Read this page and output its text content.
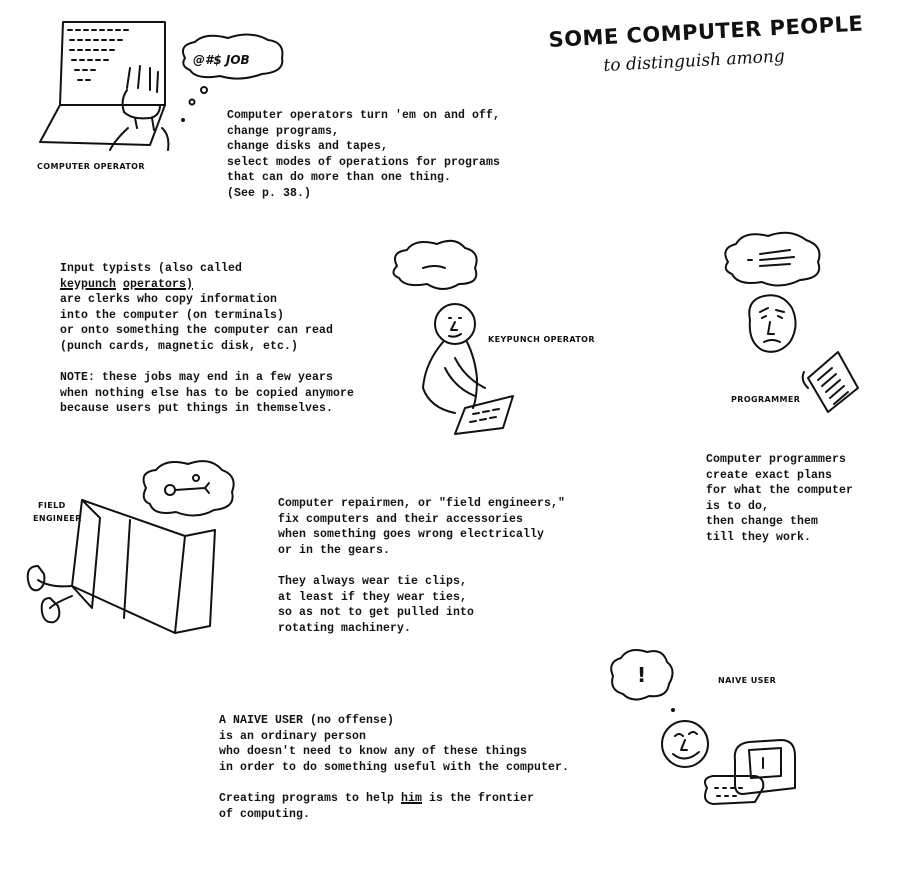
SOME COMPUTER PEOPLE
to distinguish among
@#$ JOB
COMPUTER OPERATOR
Computer operators turn 'em on and off,
change programs,
change disks and tapes,
select modes of operations for programs
that can do more than one thing.
(See p. 38.)
Input typists (also called
keypunch operators)
are clerks who copy information
into the computer (on terminals)
or onto something the computer can read
(punch cards, magnetic disk, etc.)

NOTE: these jobs may end in a few years
when nothing else has to be copied anymore
because users put things in themselves.
KEYPUNCH OPERATOR
PROGRAMMER
Computer programmers
create exact plans
for what the computer
is to do,
then change them
till they work.
FIELD
ENGINEER
Computer repairmen, or "field engineers,"
fix computers and their accessories
when something goes wrong electrically
or in the gears.

They always wear tie clips,
at least if they wear ties,
so as not to get pulled into
rotating machinery.
!	NAIVE USER
A NAIVE USER (no offense)
is an ordinary person
who doesn't need to know any of these things
in order to do something useful with the computer.

Creating programs to help him is the frontier
of computing.
